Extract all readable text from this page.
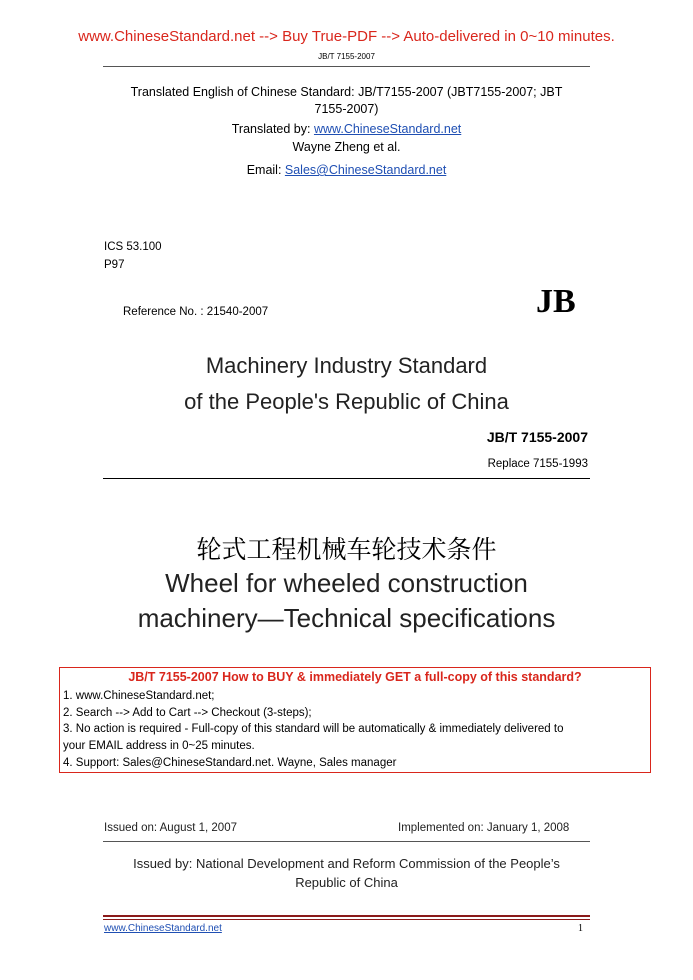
www.ChineseStandard.net --> Buy True-PDF --> Auto-delivered in 0~10 minutes.
JB/T 7155-2007
Translated English of Chinese Standard: JB/T7155-2007 (JBT7155-2007; JBT
7155-2007)
Translated by: www.ChineseStandard.net
Wayne Zheng et al.
Email: Sales@ChineseStandard.net
ICS 53.100
P97
Reference No. : 21540-2007	JB
Machinery Industry Standard
of the People's Republic of China
JB/T 7155-2007
Replace 7155-1993
轮式工程机械车轮技术条件
Wheel for wheeled construction
machinery—Technical specifications
JB/T 7155-2007 How to BUY & immediately GET a full-copy of this standard?
1. www.ChineseStandard.net;
2. Search --> Add to Cart --> Checkout (3-steps);
3. No action is required - Full-copy of this standard will be automatically & immediately delivered to
your EMAIL address in 0~25 minutes.
4. Support: Sales@ChineseStandard.net. Wayne, Sales manager
Issued on: August 1, 2007	Implemented on: January 1, 2008
Issued by: National Development and Reform Commission of the People’s
Republic of China
www.ChineseStandard.net	1
